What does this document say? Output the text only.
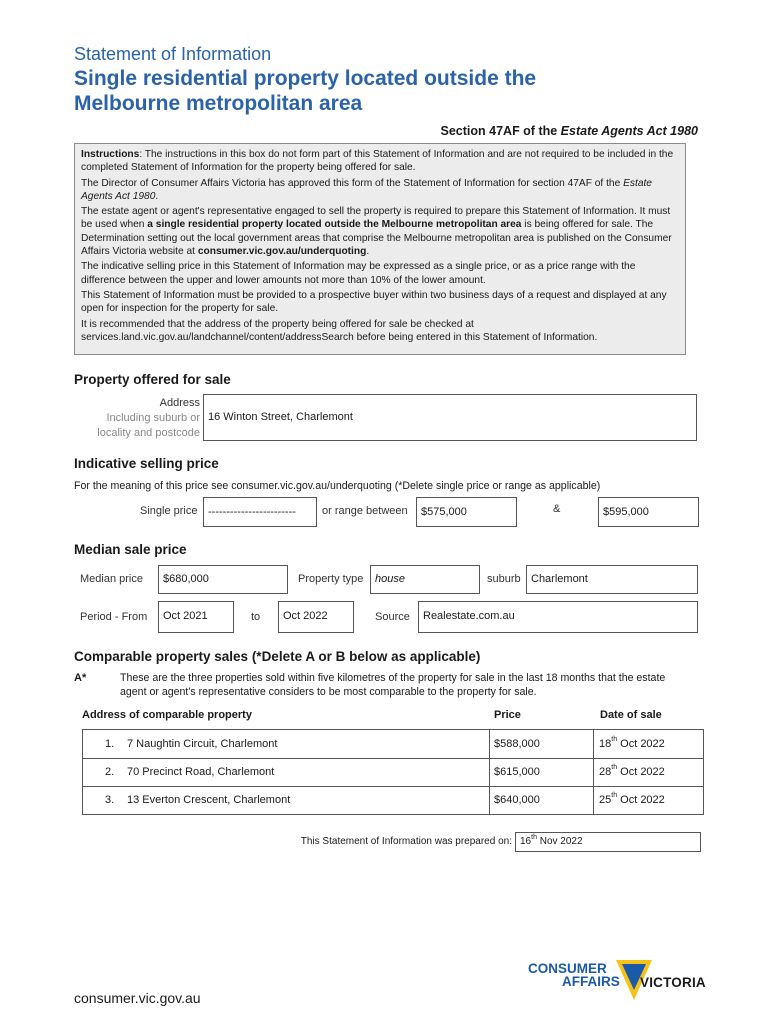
Statement of Information
Single residential property located outside the
Melbourne metropolitan area
Section 47AF of the Estate Agents Act 1980

Instructions: The instructions in this box do not form part of this Statement of Information and are not required to be included in the completed Statement of Information for the property being offered for sale.

The Director of Consumer Affairs Victoria has approved this form of the Statement of Information for section 47AF of the Estate Agents Act 1980.

The estate agent or agent's representative engaged to sell the property is required to prepare this Statement of Information. It must be used when a single residential property located outside the Melbourne metropolitan area is being offered for sale. The Determination setting out the local government areas that comprise the Melbourne metropolitan area is published on the Consumer Affairs Victoria website at consumer.vic.gov.au/underquoting.

The indicative selling price in this Statement of Information may be expressed as a single price, or as a price range with the difference between the upper and lower amounts not more than 10% of the lower amount.

This Statement of Information must be provided to a prospective buyer within two business days of a request and displayed at any open for inspection for the property for sale.

It is recommended that the address of the property being offered for sale be checked at services.land.vic.gov.au/landchannel/content/addressSearch before being entered in this Statement of Information.

Property offered for sale
Address
Including suburb or
locality and postcode
16 Winton Street, Charlemont
Indicative selling price
For the meaning of this price see consumer.vic.gov.au/underquoting (*Delete single price or range as applicable)
Single price ------------------------	or range between	$575,000	&	$595,000
Median sale price
Median price	$680,000	Property type	house	suburb Charlemont
Period - From	Oct 2021	to	Oct 2022	Source	Realestate.com.au
Comparable property sales (*Delete A or B below as applicable)
A*	These are the three properties sold within five kilometres of the property for sale in the last 18 months that the estate agent or agent's representative considers to be most comparable to the property for sale.
Address of comparable property	Price	Date of sale
1. 7 Naughtin Circuit, Charlemont	$588,000	18th Oct 2022
2. 70 Precinct Road, Charlemont	$615,000	28th Oct 2022
3. 13 Everton Crescent, Charlemont	$640,000	25th Oct 2022
This Statement of Information was prepared on: 16th Nov 2022
consumer.vic.gov.au
CONSUMER
AFFAIRS VICTORIA
